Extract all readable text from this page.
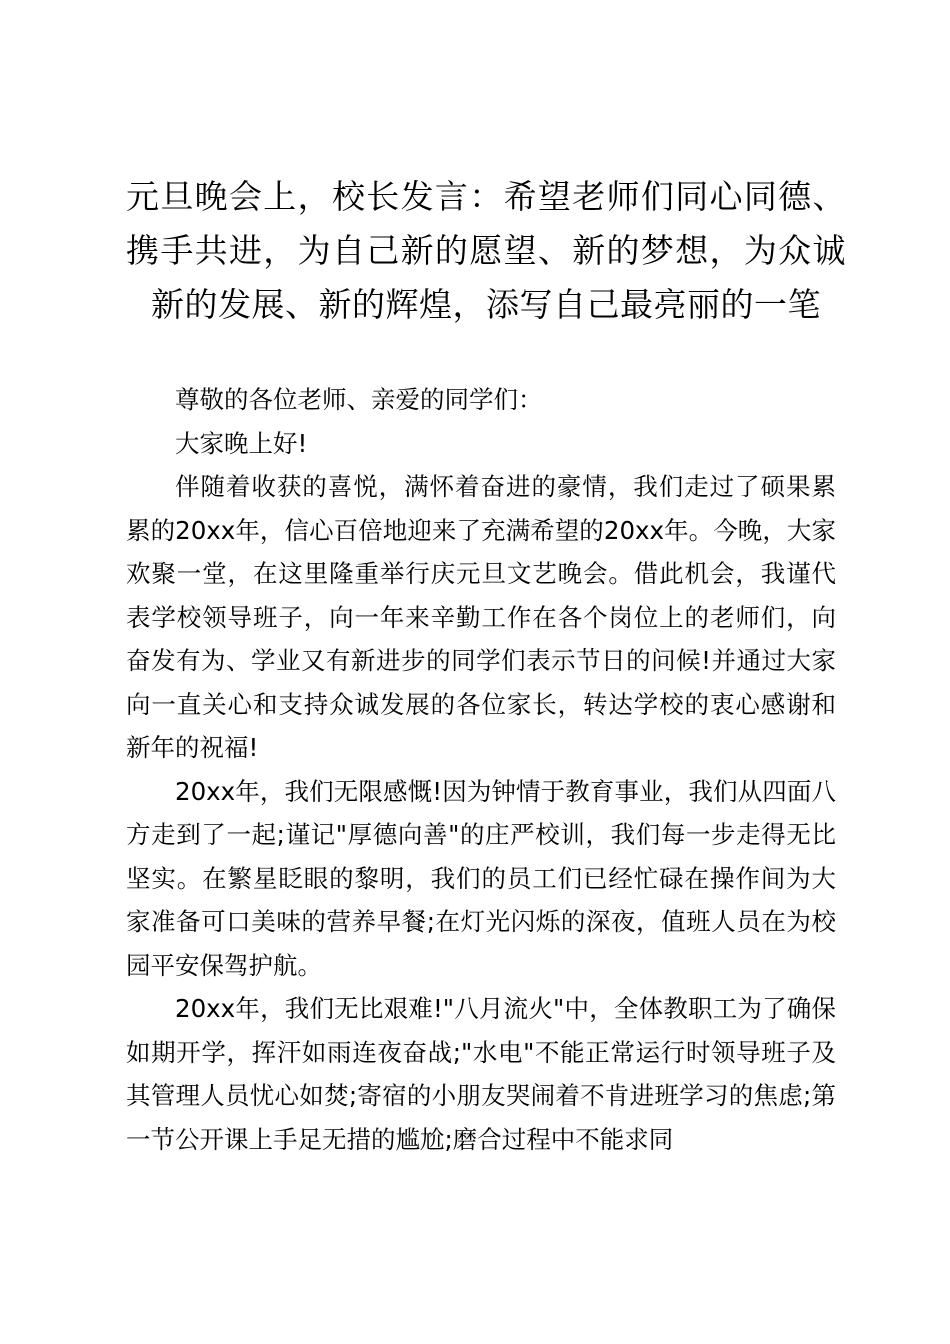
元旦晚会上，校长发言：希望老师们同心同德、携手共进，为自己新的愿望、新的梦想，为众诚新的发展、新的辉煌，添写自己最亮丽的一笔

尊敬的各位老师、亲爱的同学们：

大家晚上好!

伴随着收获的喜悦，满怀着奋进的豪情，我们走过了硕果累累的20xx年，信心百倍地迎来了充满希望的20xx年。今晚，大家欢聚一堂，在这里隆重举行庆元旦文艺晚会。借此机会，我谨代表学校领导班子，向一年来辛勤工作在各个岗位上的老师们，向奋发有为、学业又有新进步的同学们表示节日的问候!并通过大家向一直关心和支持众诚发展的各位家长，转达学校的衷心感谢和新年的祝福!

20xx年，我们无限感慨!因为钟情于教育事业，我们从四面八方走到了一起;谨记"厚德向善"的庄严校训，我们每一步走得无比坚实。在繁星眨眼的黎明，我们的员工们已经忙碌在操作间为大家准备可口美味的营养早餐;在灯光闪烁的深夜，值班人员在为校园平安保驾护航。

20xx年，我们无比艰难!"八月流火"中，全体教职工为了确保如期开学，挥汗如雨连夜奋战;"水电"不能正常运行时领导班子及其管理人员忧心如焚;寄宿的小朋友哭闹着不肯进班学习的焦虑;第一节公开课上手足无措的尴尬;磨合过程中不能求同
